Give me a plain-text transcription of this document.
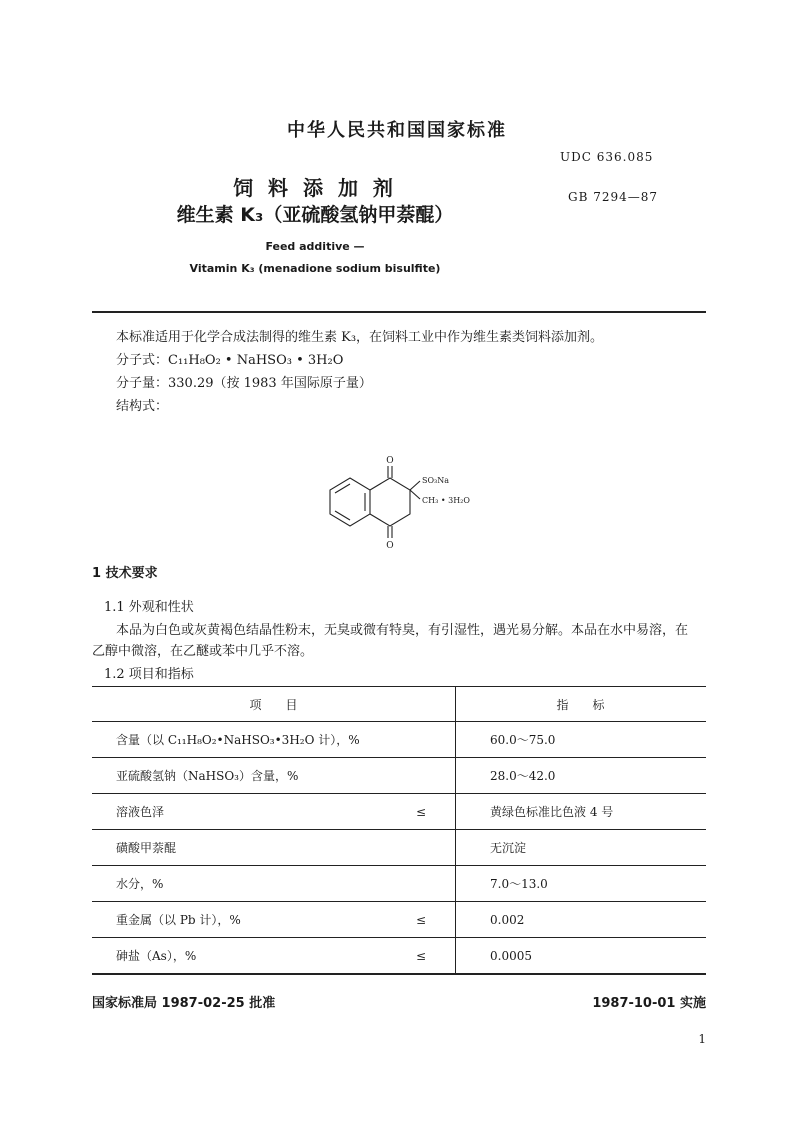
中华人民共和国国家标准
UDC 636.085
饲 料 添 加 剂
维生素 K₃（亚硫酸氢钠甲萘醌）
GB 7294—87
Feed additive —
Vitamin K₃ (menadione sodium bisulfite)
本标准适用于化学合成法制得的维生素 K₃，在饲料工业中作为维生素类饲料添加剂。
分子式：C₁₁H₈O₂ • NaHSO₃ • 3H₂O
分子量：330.29（按 1983 年国际原子量）
结构式：
O
O
SO₃Na
CH₃ • 3H₂O
1 技术要求
1.1 外观和性状
本品为白色或灰黄褐色结晶性粉末，无臭或微有特臭，有引湿性，遇光易分解。本品在水中易溶，在
乙醇中微溶，在乙醚或苯中几乎不溶。
1.2 项目和指标
项　　目	指　　标
含量（以 C₁₁H₈O₂•NaHSO₃•3H₂O 计），%	60.0～75.0
亚硫酸氢钠（NaHSO₃）含量，%	28.0～42.0
溶液色泽	≤	黄绿色标准比色液 4 号
磺酸甲萘醌	无沉淀
水分，%	7.0～13.0
重金属（以 Pb 计），%	≤	0.002
砷盐（As），%	≤	0.0005
国家标准局 1987-02-25 批准	1987-10-01 实施
1
